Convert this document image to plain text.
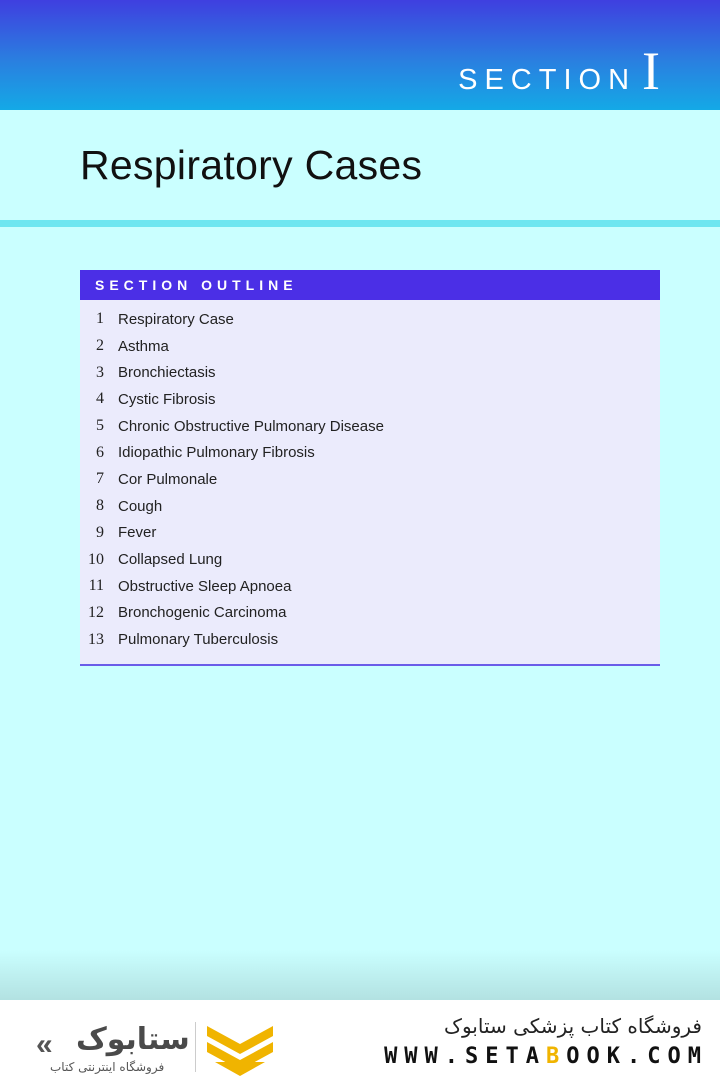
SECTION I
Respiratory Cases
SECTION OUTLINE
1 Respiratory Case
2 Asthma
3 Bronchiectasis
4 Cystic Fibrosis
5 Chronic Obstructive Pulmonary Disease
6 Idiopathic Pulmonary Fibrosis
7 Cor Pulmonale
8 Cough
9 Fever
10 Collapsed Lung
11 Obstructive Sleep Apnoea
12 Bronchogenic Carcinoma
13 Pulmonary Tuberculosis
« ستابوک
فروشگاه اینترنتی کتاب
فروشگاه کتاب پزشکی ستابوک
WWW.SETABOOK.COM
